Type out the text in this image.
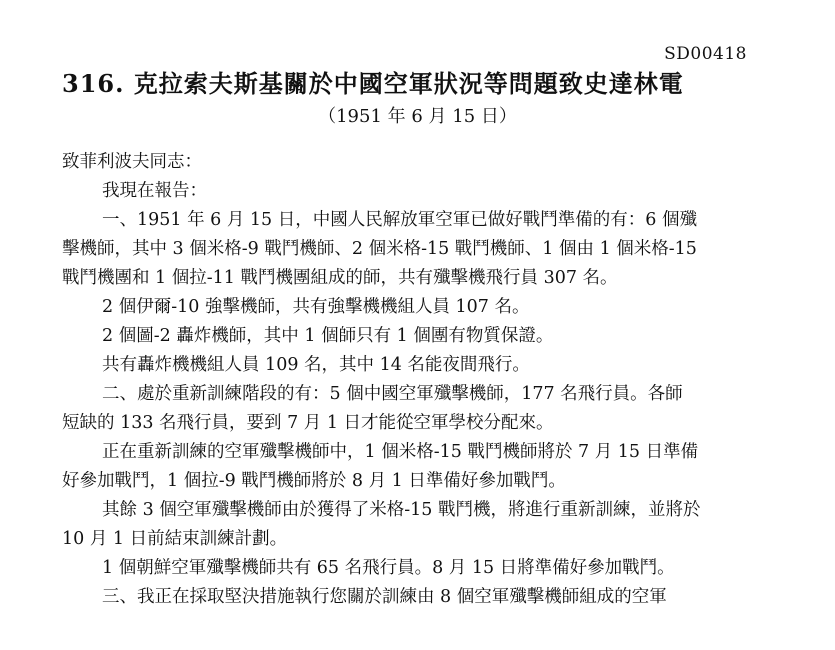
SD00418
316. 克拉索夫斯基關於中國空軍狀況等問題致史達林電
（1951 年 6 月 15 日）

致菲利波夫同志：

我現在報告：

一、1951 年 6 月 15 日，中國人民解放軍空軍已做好戰鬥準備的有：6 個殲

擊機師，其中 3 個米格-9 戰鬥機師、2 個米格-15 戰鬥機師、1 個由 1 個米格-15

戰鬥機團和 1 個拉-11 戰鬥機團組成的師，共有殲擊機飛行員 307 名。

2 個伊爾-10 強擊機師，共有強擊機機組人員 107 名。

2 個圖-2 轟炸機師，其中 1 個師只有 1 個團有物質保證。

共有轟炸機機組人員 109 名，其中 14 名能夜間飛行。

二、處於重新訓練階段的有：5 個中國空軍殲擊機師，177 名飛行員。各師

短缺的 133 名飛行員，要到 7 月 1 日才能從空軍學校分配來。

正在重新訓練的空軍殲擊機師中，1 個米格-15 戰鬥機師將於 7 月 15 日準備

好參加戰鬥，1 個拉-9 戰鬥機師將於 8 月 1 日準備好參加戰鬥。

其餘 3 個空軍殲擊機師由於獲得了米格-15 戰鬥機，將進行重新訓練，並將於

10 月 1 日前結束訓練計劃。

1 個朝鮮空軍殲擊機師共有 65 名飛行員。8 月 15 日將準備好參加戰鬥。

三、我正在採取堅決措施執行您關於訓練由 8 個空軍殲擊機師組成的空軍
